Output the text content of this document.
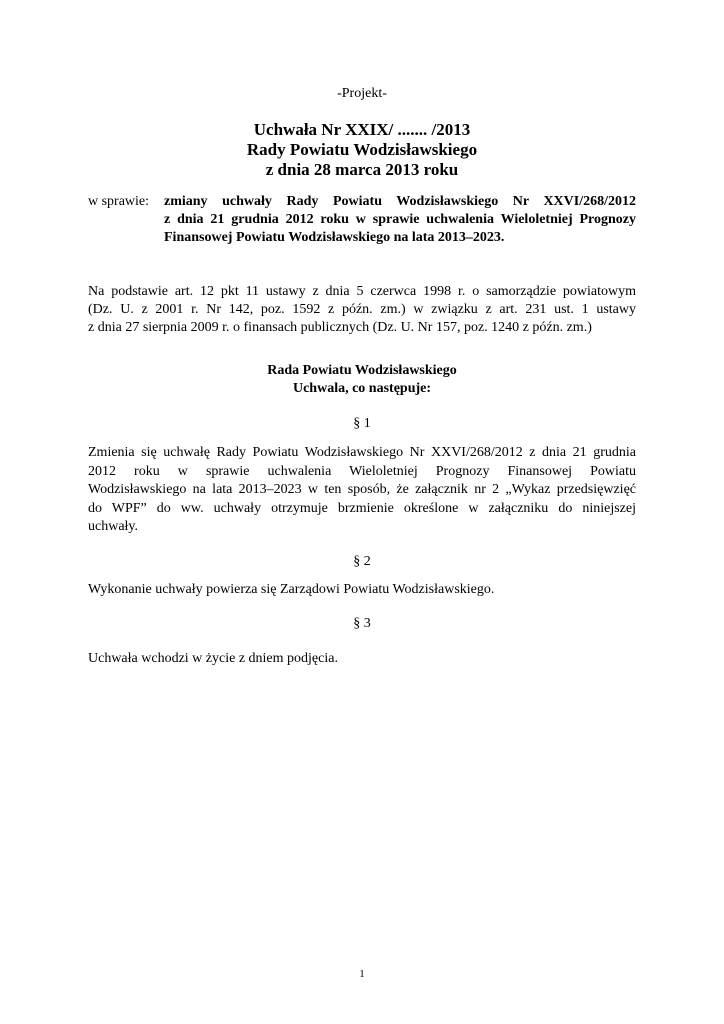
-Projekt-
Uchwała Nr XXIX/ ....... /2013
Rady Powiatu Wodzisławskiego
z dnia 28 marca 2013 roku
w sprawie:	zmiany uchwały Rady Powiatu Wodzisławskiego Nr XXVI/268/2012
z dnia 21 grudnia 2012 roku w sprawie uchwalenia Wieloletniej Prognozy
Finansowej Powiatu Wodzisławskiego na lata 2013–2023.
Na podstawie art. 12 pkt 11 ustawy z dnia 5 czerwca 1998 r. o samorządzie powiatowym
(Dz. U. z 2001 r. Nr 142, poz. 1592 z późn. zm.) w związku z art. 231 ust. 1 ustawy
z dnia 27 sierpnia 2009 r. o finansach publicznych (Dz. U. Nr 157, poz. 1240 z późn. zm.)
Rada Powiatu Wodzisławskiego
Uchwala, co następuje:
§ 1
Zmienia się uchwałę Rady Powiatu Wodzisławskiego Nr XXVI/268/2012 z dnia 21 grudnia
2012 roku w sprawie uchwalenia Wieloletniej Prognozy Finansowej Powiatu
Wodzisławskiego na lata 2013–2023 w ten sposób, że załącznik nr 2 „Wykaz przedsięwzięć
do WPF” do ww. uchwały otrzymuje brzmienie określone w załączniku do niniejszej
uchwały.
§ 2
Wykonanie uchwały powierza się Zarządowi Powiatu Wodzisławskiego.
§ 3
Uchwała wchodzi w życie z dniem podjęcia.
1
